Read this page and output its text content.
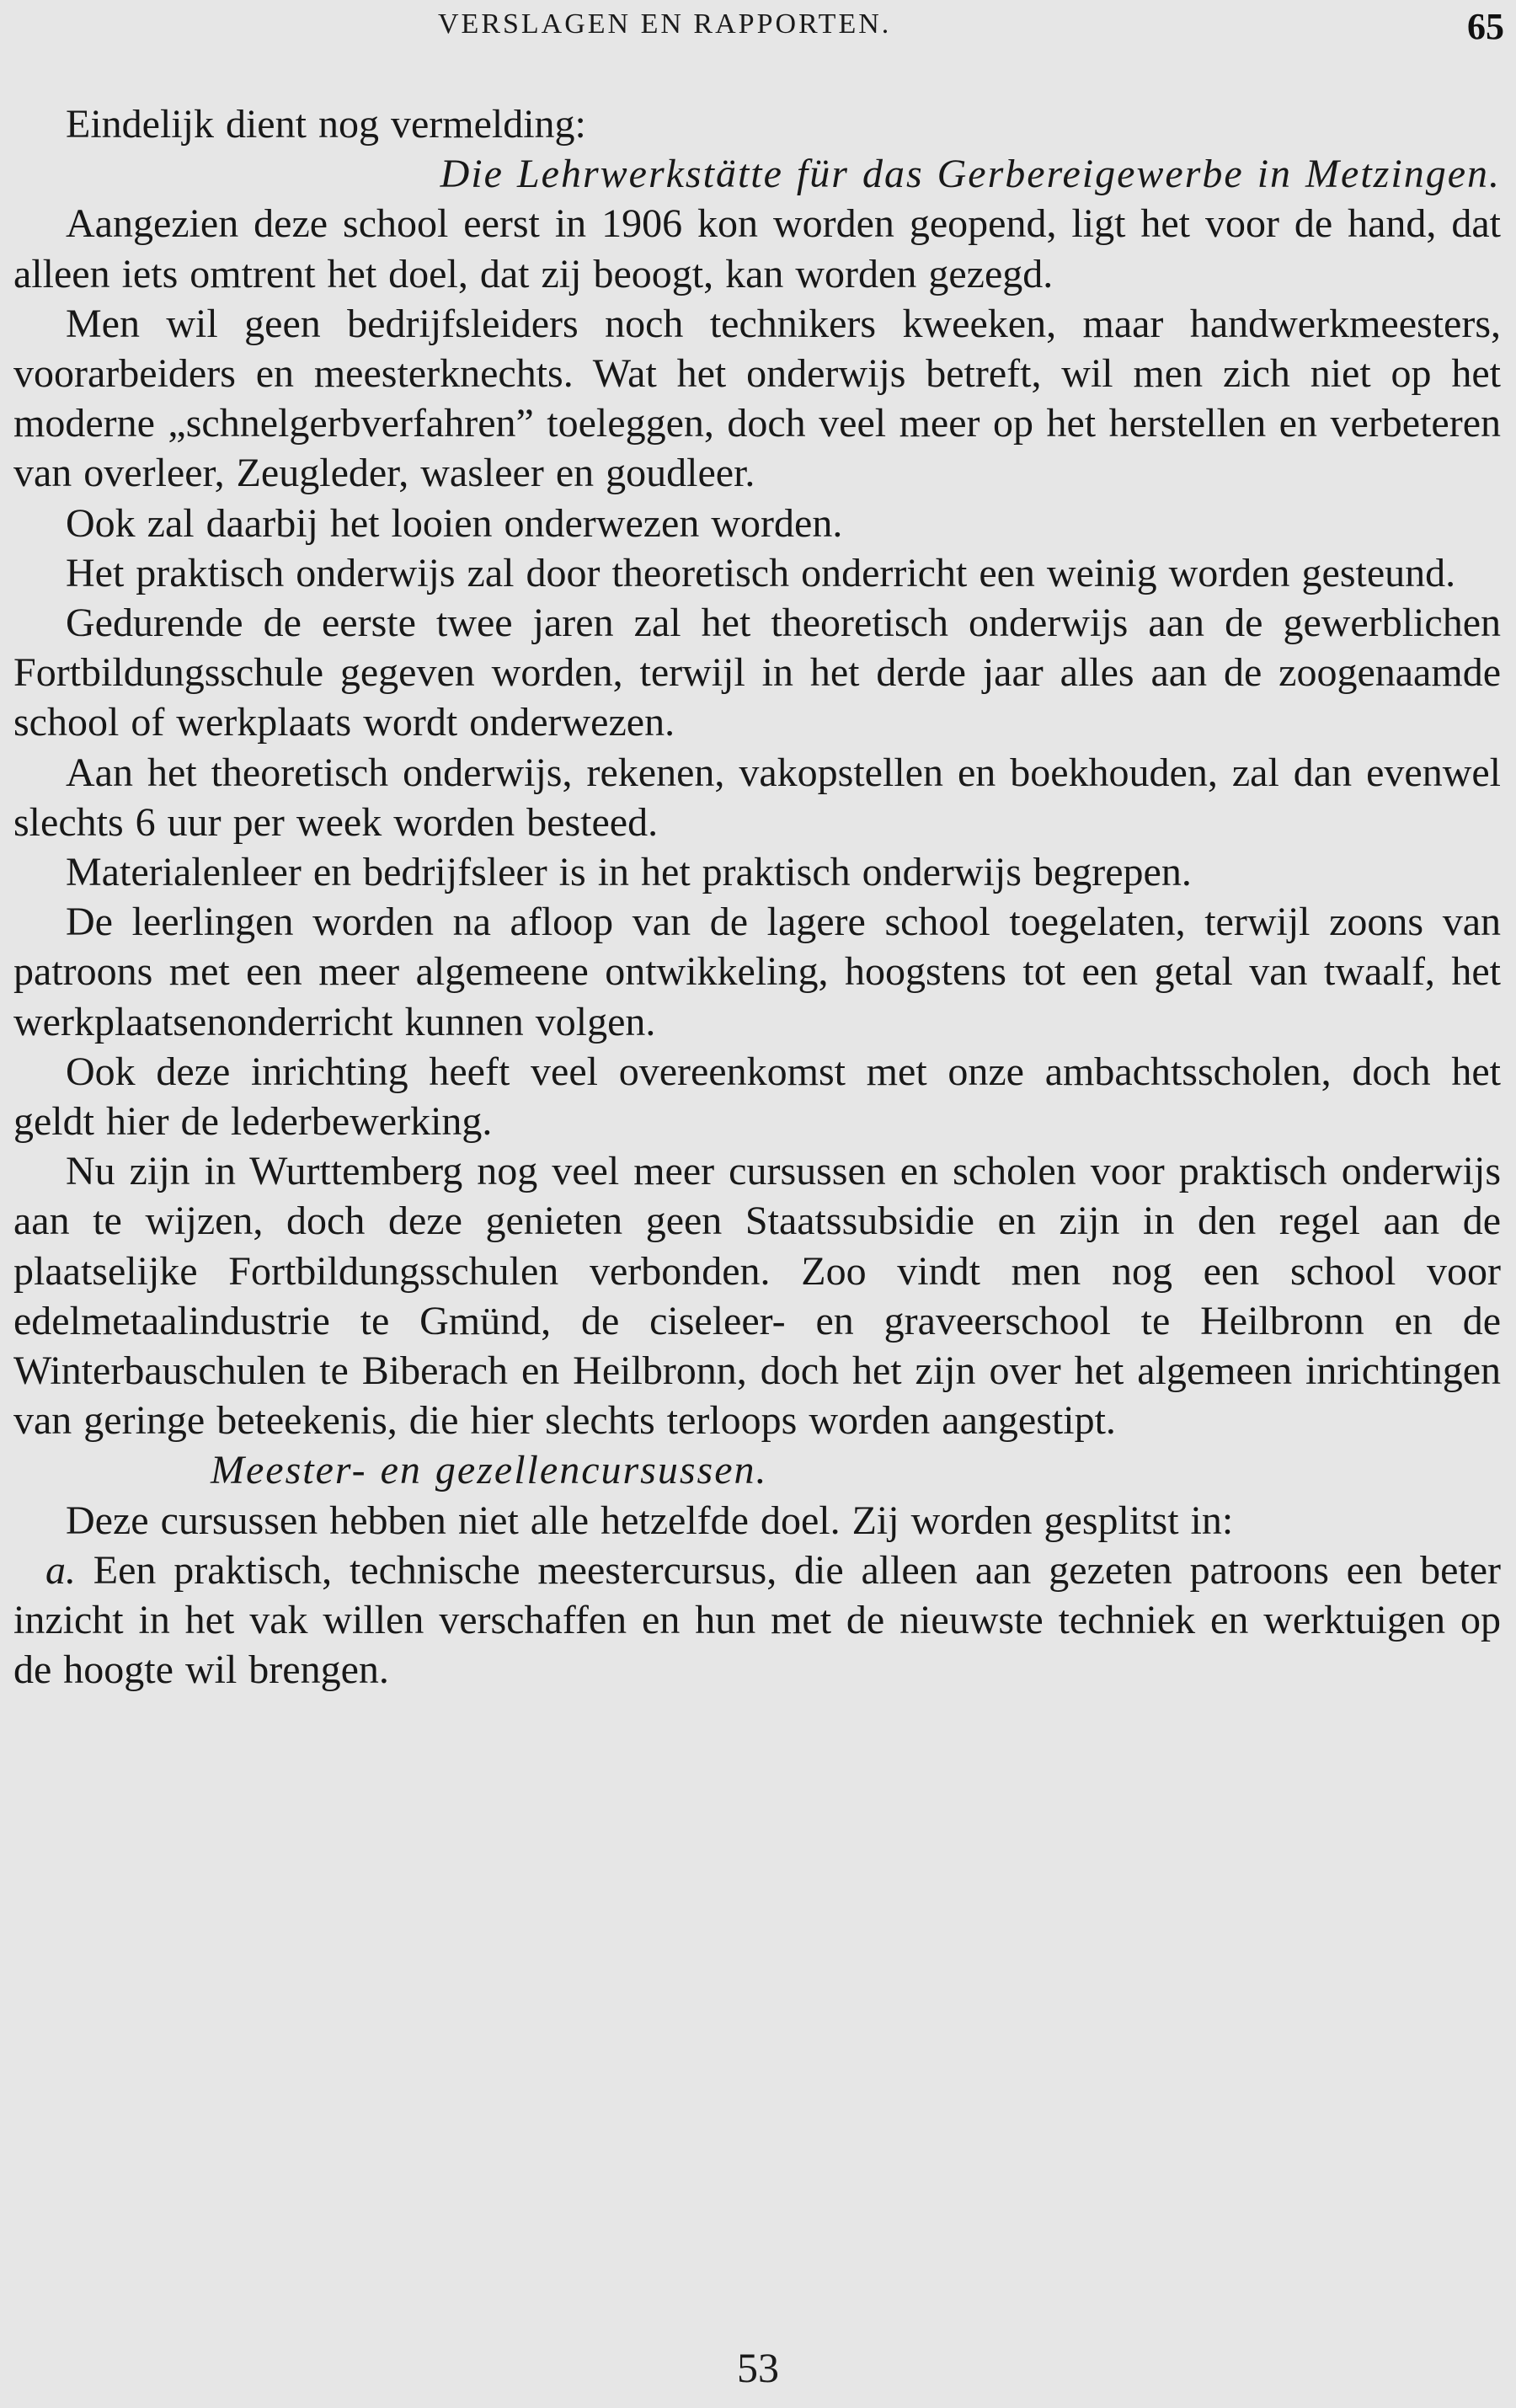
VERSLAGEN EN RAPPORTEN.	65

Eindelijk dient nog vermelding:

Die Lehrwerkstätte für das Gerbereigewerbe in Metzingen.

Aangezien deze school eerst in 1906 kon worden geopend, ligt het voor de hand, dat alleen iets omtrent het doel, dat zij beoogt, kan worden gezegd.

Men wil geen bedrijfsleiders noch technikers kweeken, maar handwerkmeesters, voorarbeiders en meesterknechts. Wat het onderwijs betreft, wil men zich niet op het moderne „schnelgerbverfahren” toeleggen, doch veel meer op het herstellen en verbeteren van overleer, Zeugleder, wasleer en goudleer.

Ook zal daarbij het looien onderwezen worden.

Het praktisch onderwijs zal door theoretisch onderricht een weinig worden gesteund.

Gedurende de eerste twee jaren zal het theoretisch onderwijs aan de gewerblichen Fortbildungsschule gegeven worden, terwijl in het derde jaar alles aan de zoogenaamde school of werkplaats wordt onderwezen.

Aan het theoretisch onderwijs, rekenen, vakopstellen en boekhouden, zal dan evenwel slechts 6 uur per week worden besteed.

Materialenleer en bedrijfsleer is in het praktisch onderwijs begrepen.

De leerlingen worden na afloop van de lagere school toegelaten, terwijl zoons van patroons met een meer algemeene ontwikkeling, hoogstens tot een getal van twaalf, het werkplaatsenonderricht kunnen volgen.

Ook deze inrichting heeft veel overeenkomst met onze ambachtsscholen, doch het geldt hier de lederbewerking.

Nu zijn in Wurttemberg nog veel meer cursussen en scholen voor praktisch onderwijs aan te wijzen, doch deze genieten geen Staatssubsidie en zijn in den regel aan de plaatselijke Fortbildungsschulen verbonden. Zoo vindt men nog een school voor edelmetaalindustrie te Gmünd, de ciseleer- en graveerschool te Heilbronn en de Winterbauschulen te Biberach en Heilbronn, doch het zijn over het algemeen inrichtingen van geringe beteekenis, die hier slechts terloops worden aangestipt.

Meester- en gezellencursussen.

Deze cursussen hebben niet alle hetzelfde doel. Zij worden gesplitst in:

a. Een praktisch, technische meestercursus, die alleen aan gezeten patroons een beter inzicht in het vak willen verschaffen en hun met de nieuwste techniek en werktuigen op de hoogte wil brengen.

53
